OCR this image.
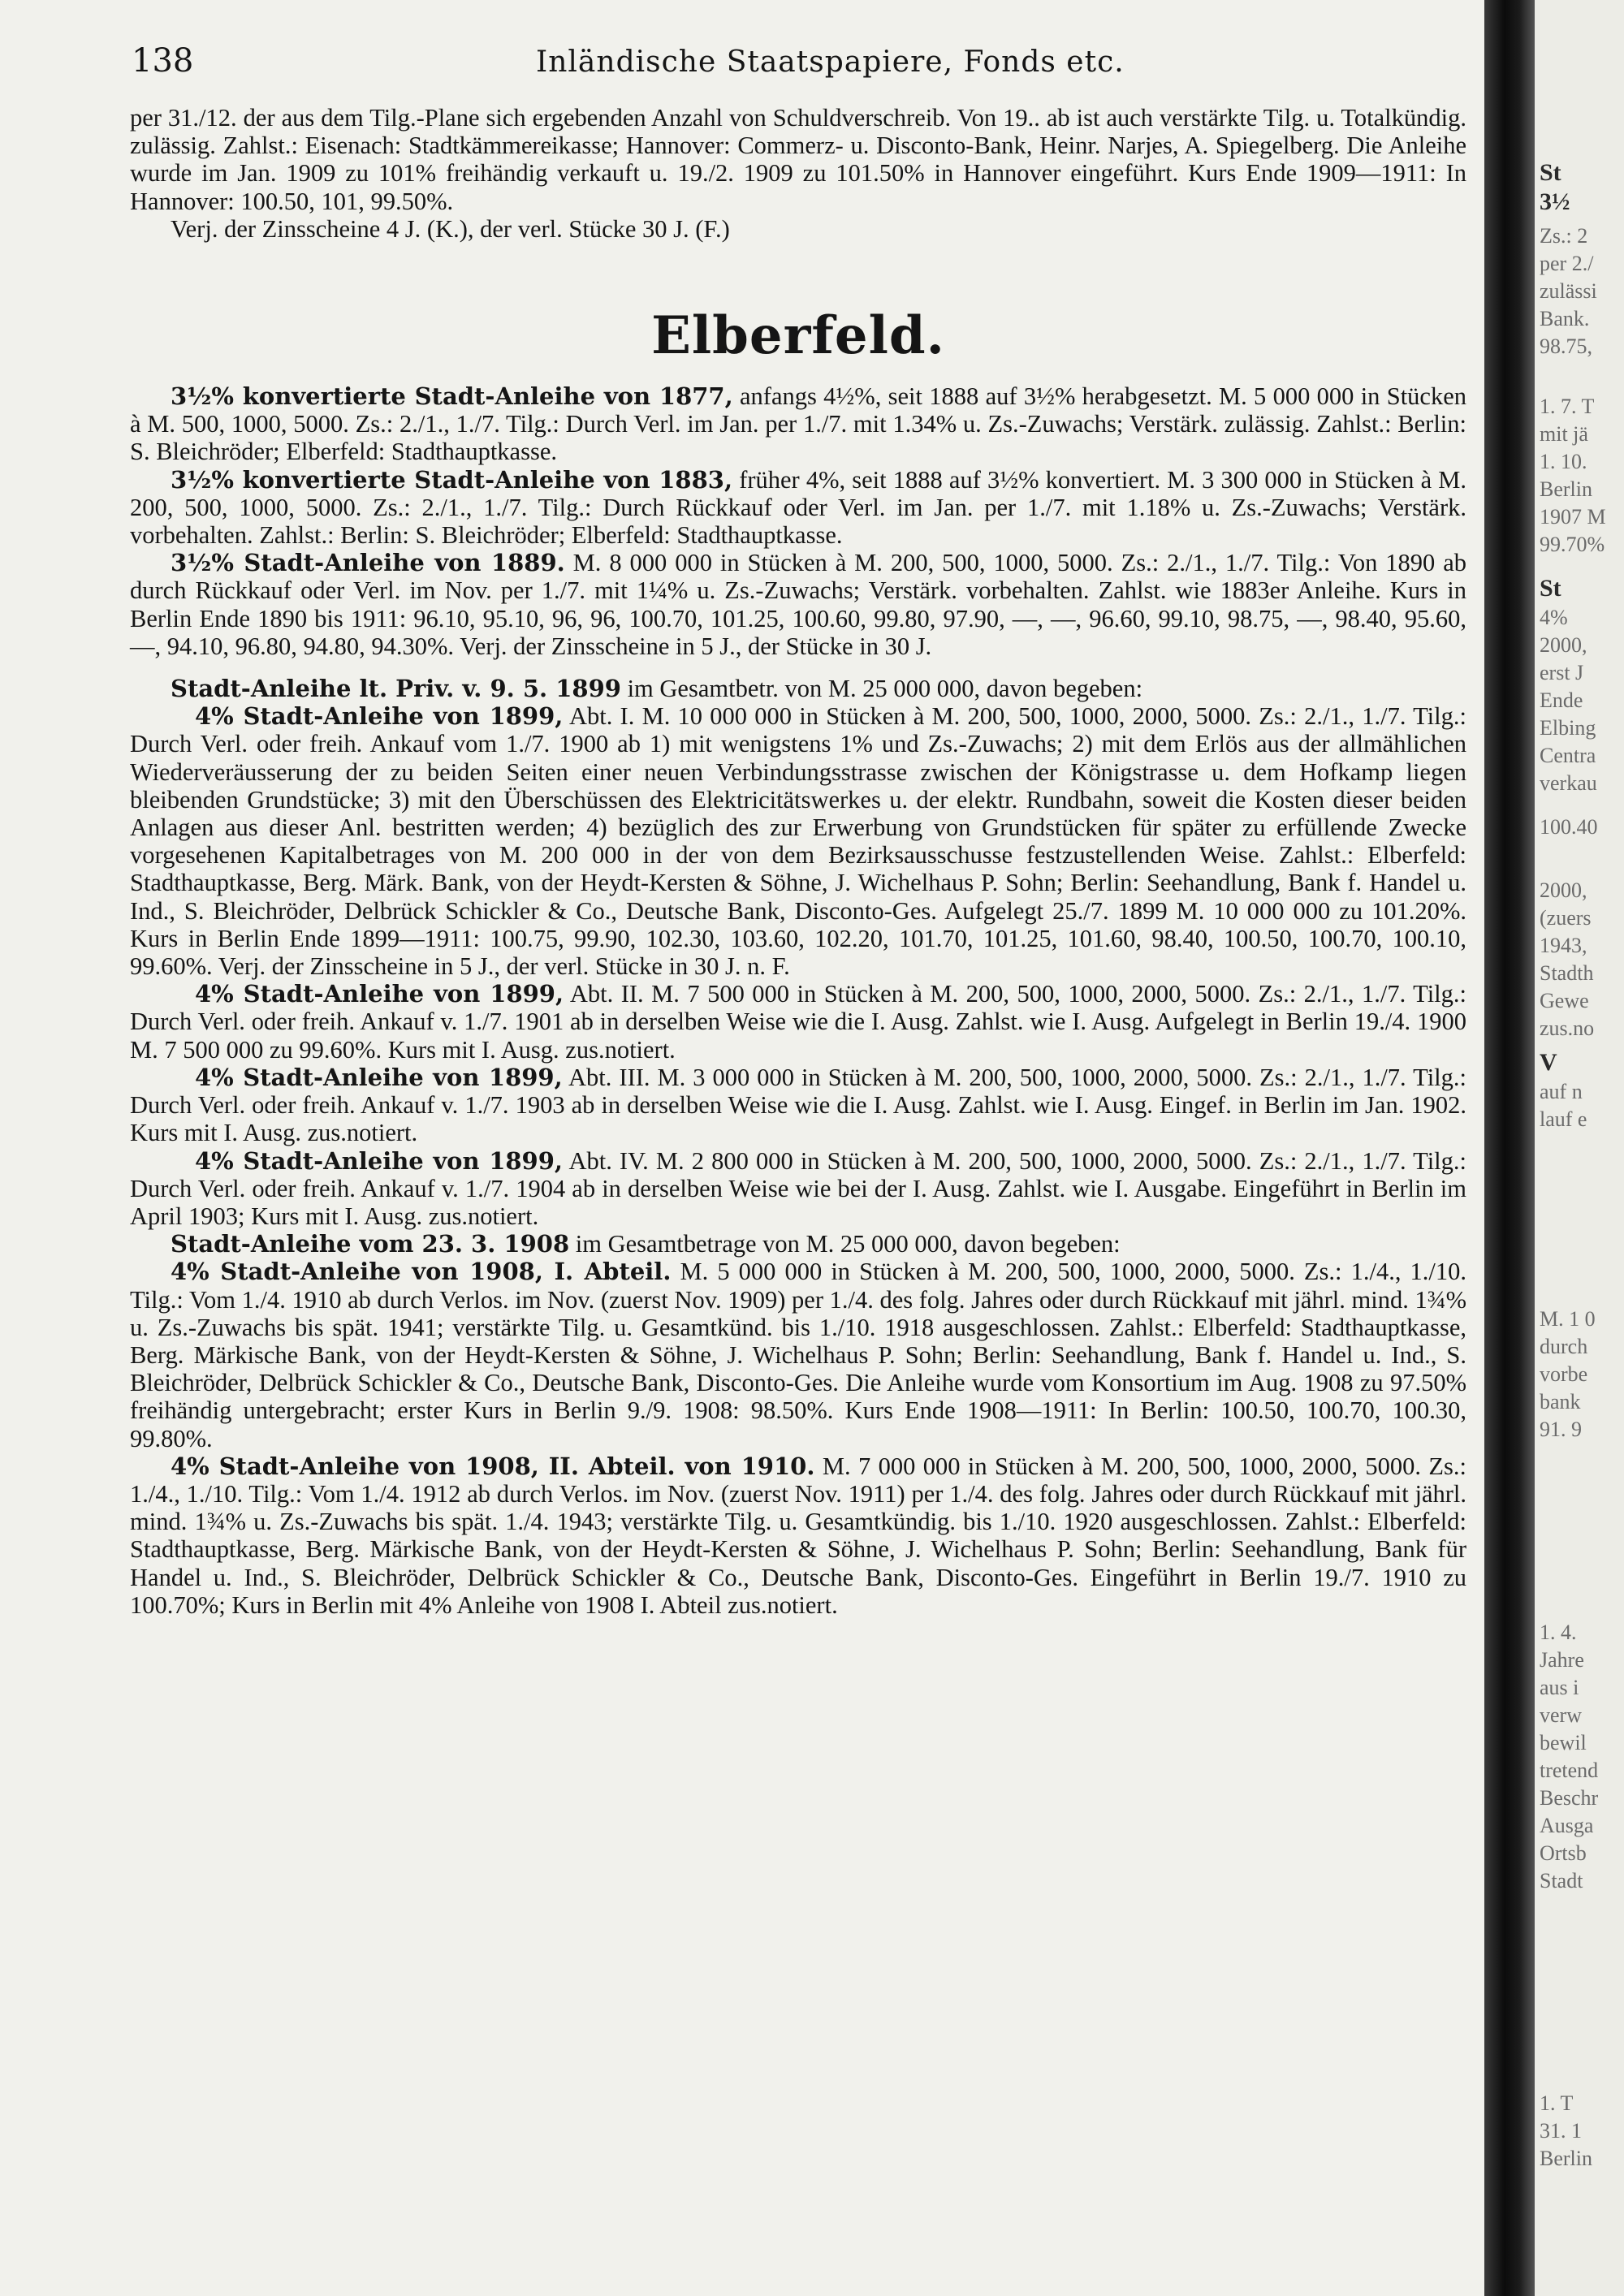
138	Inländische Staatspapiere, Fonds etc.

per 31./12. der aus dem Tilg.-Plane sich ergebenden Anzahl von Schuldverschreib. Von 19.. ab ist auch verstärkte Tilg. u. Totalkündig. zulässig. Zahlst.: Eisenach: Stadtkämmereikasse; Hannover: Commerz- u. Disconto-Bank, Heinr. Narjes, A. Spiegelberg. Die Anleihe wurde im Jan. 1909 zu 101% freihändig verkauft u. 19./2. 1909 zu 101.50% in Hannover eingeführt. Kurs Ende 1909—1911: In Hannover: 100.50, 101, 99.50%.

Verj. der Zinsscheine 4 J. (K.), der verl. Stücke 30 J. (F.)

Elberfeld.

3½% konvertierte Stadt-Anleihe von 1877, anfangs 4½%, seit 1888 auf 3½% herabgesetzt. M. 5 000 000 in Stücken à M. 500, 1000, 5000. Zs.: 2./1., 1./7. Tilg.: Durch Verl. im Jan. per 1./7. mit 1.34% u. Zs.-Zuwachs; Verstärk. zulässig. Zahlst.: Berlin: S. Bleichröder; Elberfeld: Stadthauptkasse.

3½% konvertierte Stadt-Anleihe von 1883, früher 4%, seit 1888 auf 3½% konvertiert. M. 3 300 000 in Stücken à M. 200, 500, 1000, 5000. Zs.: 2./1., 1./7. Tilg.: Durch Rückkauf oder Verl. im Jan. per 1./7. mit 1.18% u. Zs.-Zuwachs; Verstärk. vorbehalten. Zahlst.: Berlin: S. Bleichröder; Elberfeld: Stadthauptkasse.

3½% Stadt-Anleihe von 1889. M. 8 000 000 in Stücken à M. 200, 500, 1000, 5000. Zs.: 2./1., 1./7. Tilg.: Von 1890 ab durch Rückkauf oder Verl. im Nov. per 1./7. mit 1¼% u. Zs.-Zuwachs; Verstärk. vorbehalten. Zahlst. wie 1883er Anleihe. Kurs in Berlin Ende 1890 bis 1911: 96.10, 95.10, 96, 96, 100.70, 101.25, 100.60, 99.80, 97.90, —, —, 96.60, 99.10, 98.75, —, 98.40, 95.60, —, 94.10, 96.80, 94.80, 94.30%. Verj. der Zinsscheine in 5 J., der Stücke in 30 J.

Stadt-Anleihe lt. Priv. v. 9. 5. 1899 im Gesamtbetr. von M. 25 000 000, davon begeben:

4% Stadt-Anleihe von 1899, Abt. I. M. 10 000 000 in Stücken à M. 200, 500, 1000, 2000, 5000. Zs.: 2./1., 1./7. Tilg.: Durch Verl. oder freih. Ankauf vom 1./7. 1900 ab 1) mit wenigstens 1% und Zs.-Zuwachs; 2) mit dem Erlös aus der allmählichen Wiederveräusserung der zu beiden Seiten einer neuen Verbindungsstrasse zwischen der Königstrasse u. dem Hofkamp liegen bleibenden Grundstücke; 3) mit den Überschüssen des Elektricitätswerkes u. der elektr. Rundbahn, soweit die Kosten dieser beiden Anlagen aus dieser Anl. bestritten werden; 4) bezüglich des zur Erwerbung von Grundstücken für später zu erfüllende Zwecke vorgesehenen Kapitalbetrages von M. 200 000 in der von dem Bezirksausschusse festzustellenden Weise. Zahlst.: Elberfeld: Stadthauptkasse, Berg. Märk. Bank, von der Heydt-Kersten & Söhne, J. Wichelhaus P. Sohn; Berlin: Seehandlung, Bank f. Handel u. Ind., S. Bleichröder, Delbrück Schickler & Co., Deutsche Bank, Disconto-Ges. Aufgelegt 25./7. 1899 M. 10 000 000 zu 101.20%. Kurs in Berlin Ende 1899—1911: 100.75, 99.90, 102.30, 103.60, 102.20, 101.70, 101.25, 101.60, 98.40, 100.50, 100.70, 100.10, 99.60%. Verj. der Zinsscheine in 5 J., der verl. Stücke in 30 J. n. F.

4% Stadt-Anleihe von 1899, Abt. II. M. 7 500 000 in Stücken à M. 200, 500, 1000, 2000, 5000. Zs.: 2./1., 1./7. Tilg.: Durch Verl. oder freih. Ankauf v. 1./7. 1901 ab in derselben Weise wie die I. Ausg. Zahlst. wie I. Ausg. Aufgelegt in Berlin 19./4. 1900 M. 7 500 000 zu 99.60%. Kurs mit I. Ausg. zus.notiert.

4% Stadt-Anleihe von 1899, Abt. III. M. 3 000 000 in Stücken à M. 200, 500, 1000, 2000, 5000. Zs.: 2./1., 1./7. Tilg.: Durch Verl. oder freih. Ankauf v. 1./7. 1903 ab in derselben Weise wie die I. Ausg. Zahlst. wie I. Ausg. Eingef. in Berlin im Jan. 1902. Kurs mit I. Ausg. zus.notiert.

4% Stadt-Anleihe von 1899, Abt. IV. M. 2 800 000 in Stücken à M. 200, 500, 1000, 2000, 5000. Zs.: 2./1., 1./7. Tilg.: Durch Verl. oder freih. Ankauf v. 1./7. 1904 ab in derselben Weise wie bei der I. Ausg. Zahlst. wie I. Ausgabe. Eingeführt in Berlin im April 1903; Kurs mit I. Ausg. zus.notiert.

Stadt-Anleihe vom 23. 3. 1908 im Gesamtbetrage von M. 25 000 000, davon begeben:

4% Stadt-Anleihe von 1908, I. Abteil. M. 5 000 000 in Stücken à M. 200, 500, 1000, 2000, 5000. Zs.: 1./4., 1./10. Tilg.: Vom 1./4. 1910 ab durch Verlos. im Nov. (zuerst Nov. 1909) per 1./4. des folg. Jahres oder durch Rückkauf mit jährl. mind. 1¾% u. Zs.-Zuwachs bis spät. 1941; verstärkte Tilg. u. Gesamtkünd. bis 1./10. 1918 ausgeschlossen. Zahlst.: Elberfeld: Stadthauptkasse, Berg. Märkische Bank, von der Heydt-Kersten & Söhne, J. Wichelhaus P. Sohn; Berlin: Seehandlung, Bank f. Handel u. Ind., S. Bleichröder, Delbrück Schickler & Co., Deutsche Bank, Disconto-Ges. Die Anleihe wurde vom Konsortium im Aug. 1908 zu 97.50% freihändig untergebracht; erster Kurs in Berlin 9./9. 1908: 98.50%. Kurs Ende 1908—1911: In Berlin: 100.50, 100.70, 100.30, 99.80%.

4% Stadt-Anleihe von 1908, II. Abteil. von 1910. M. 7 000 000 in Stücken à M. 200, 500, 1000, 2000, 5000. Zs.: 1./4., 1./10. Tilg.: Vom 1./4. 1912 ab durch Verlos. im Nov. (zuerst Nov. 1911) per 1./4. des folg. Jahres oder durch Rückkauf mit jährl. mind. 1¾% u. Zs.-Zuwachs bis spät. 1./4. 1943; verstärkte Tilg. u. Gesamtkündig. bis 1./10. 1920 ausgeschlossen. Zahlst.: Elberfeld: Stadthauptkasse, Berg. Märkische Bank, von der Heydt-Kersten & Söhne, J. Wichelhaus P. Sohn; Berlin: Seehandlung, Bank für Handel u. Ind., S. Bleichröder, Delbrück Schickler & Co., Deutsche Bank, Disconto-Ges. Eingeführt in Berlin 19./7. 1910 zu 100.70%; Kurs in Berlin mit 4% Anleihe von 1908 I. Abteil zus.notiert.

St
3½
Zs.: 2
per 2./
zulässi
Bank.
98.75,
1. 7. T
mit jä
1. 10.
Berlin
1907 M
99.70%
St
4%
2000,
erst J
Ende
Elbing
Centra
verkau
100.40
2000,
(zuers
1943,
Stadth
Gewe
zus.no
V
auf n
lauf e
M. 1 0
durch
vorbe
bank
91. 9
1. 4.
Jahre
aus i
verw
bewil
tretend
Beschr
Ausga
Ortsb
Stadt
1. T
31. 1
Berlin
